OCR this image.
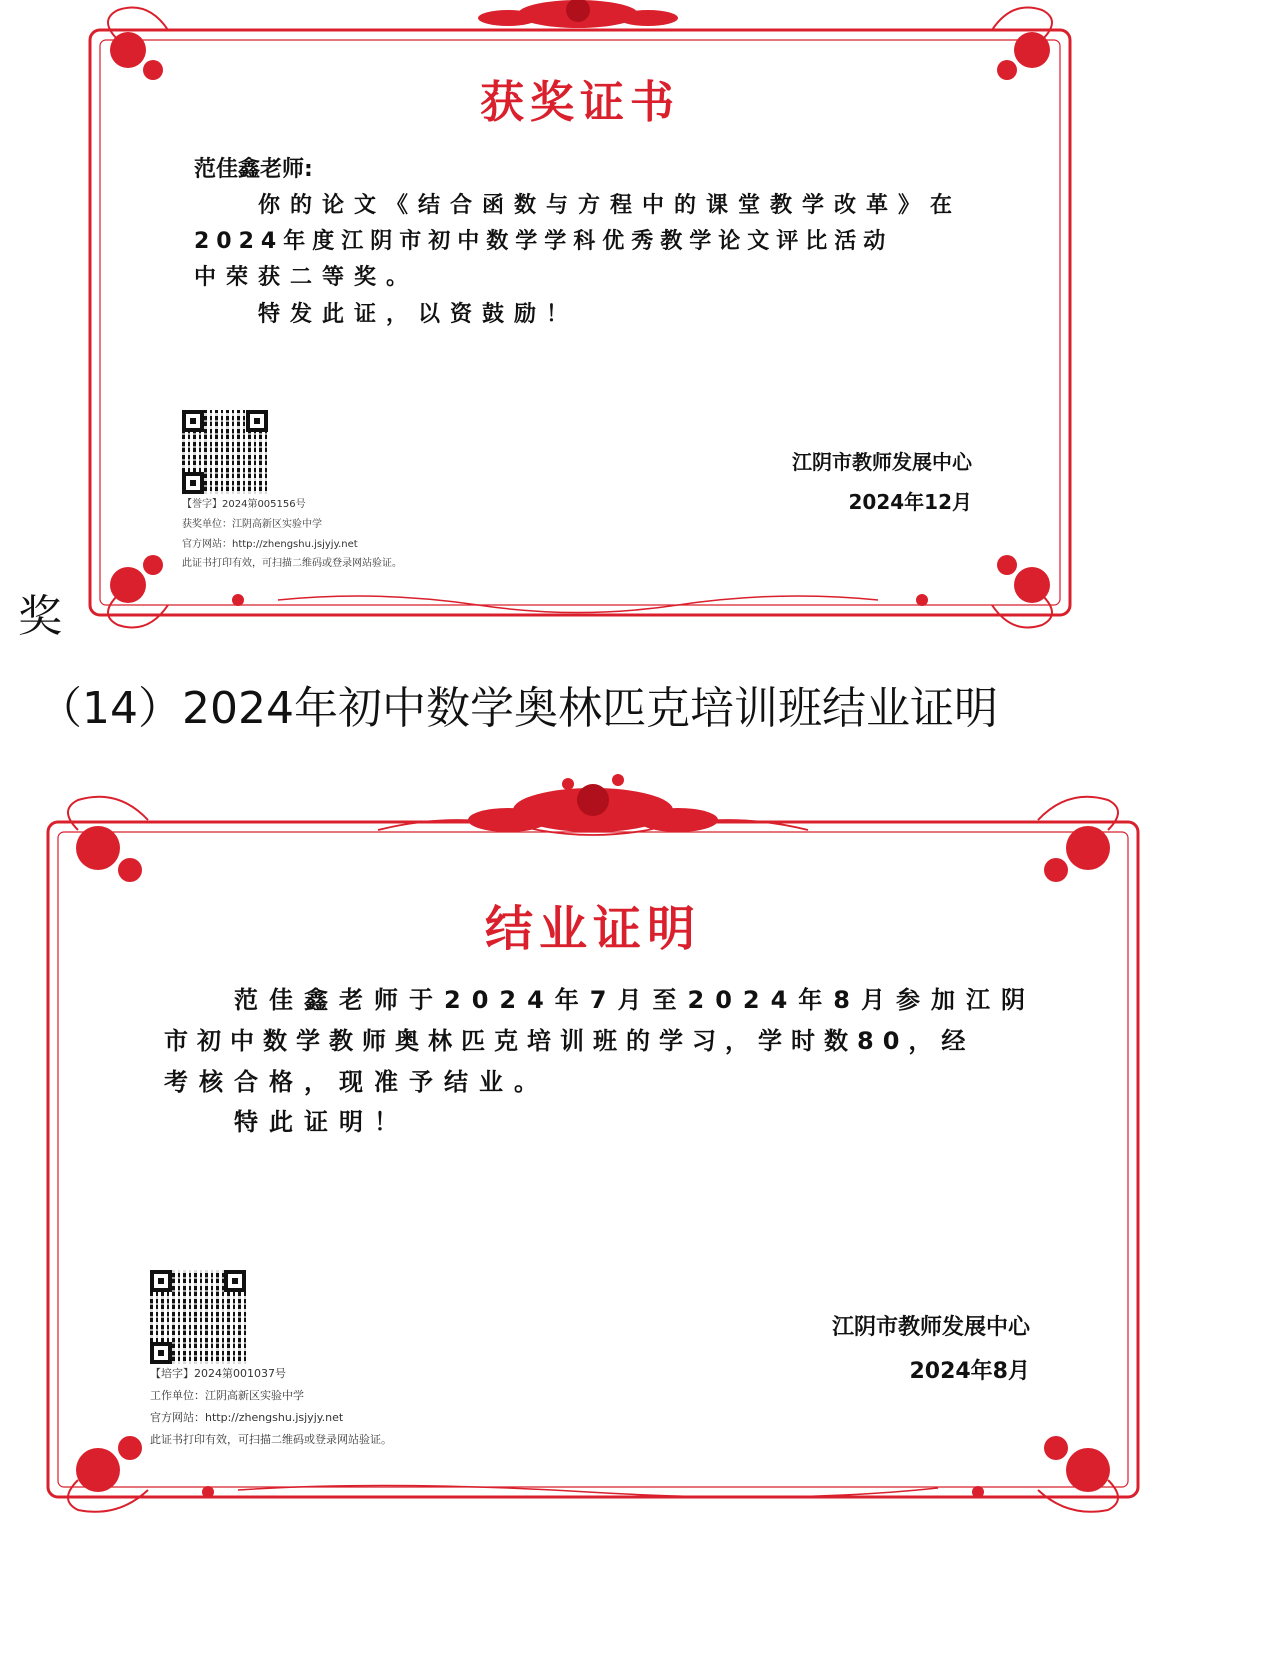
获奖证书
范佳鑫老师:
你的论文《结合函数与方程中的课堂教学改革》在
2024年度江阴市初中数学学科优秀教学论文评比活动
中荣获二等奖。
特发此证，以资鼓励！
【誉字】2024第005156号
获奖单位：江阴高新区实验中学
官方网站：http://zhengshu.jsjyjy.net
此证书打印有效，可扫描二维码或登录网站验证。
江阴市教师发展中心
2024年12月
奖
（14）2024年初中数学奥林匹克培训班结业证明
结业证明
范佳鑫老师于2024年7月至2024年8月参加江阴
市初中数学教师奥林匹克培训班的学习，学时数80，经
考核合格，现准予结业。
特此证明！
【培字】2024第001037号
工作单位：江阴高新区实验中学
官方网站：http://zhengshu.jsjyjy.net
此证书打印有效，可扫描二维码或登录网站验证。
江阴市教师发展中心
2024年8月
